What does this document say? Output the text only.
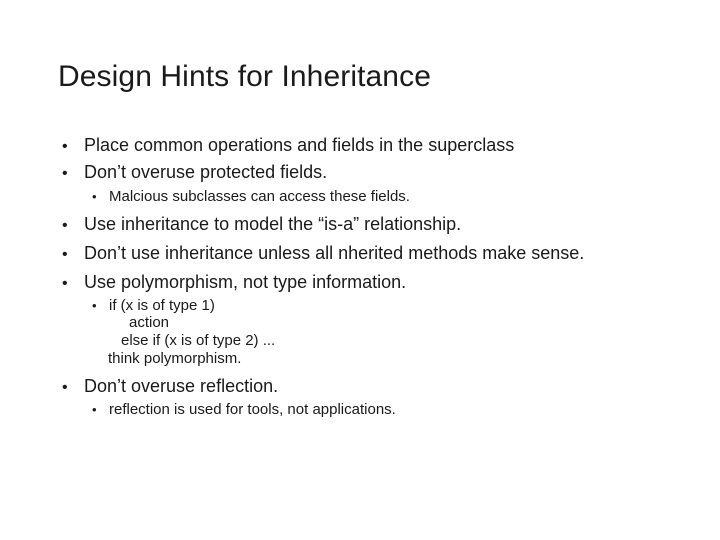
Design Hints for Inheritance
• Place common operations and fields in the superclass
• Don’t overuse protected fields.
• Malcious subclasses can access these fields.
• Use inheritance to model the “is-a” relationship.
• Don’t use inheritance unless all nherited methods make sense.
• Use polymorphism, not type information.
• if (x is of type 1)
action
else if (x is of type 2) ...
think polymorphism.
• Don’t overuse reflection.
• reflection is used for tools, not applications.
